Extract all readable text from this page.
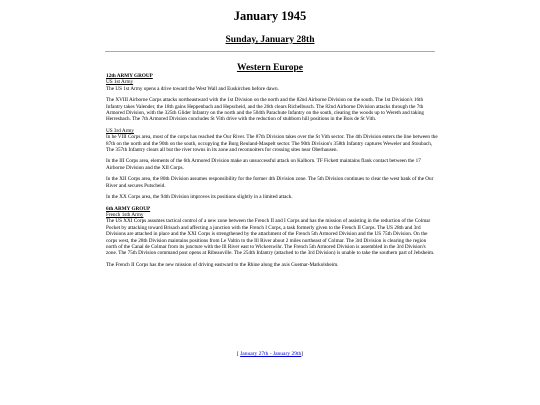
January 1945
Sunday, January 28th
Western Europe
12th ARMY GROUP
US 1st Army

The US 1st Army opens a drive toward the West Wall and Euskirchen before dawn.

The XVIII Airborne Corps attacks northeastward with the 1st Division on the north and the 82nd Airborne Division on the south. The 1st Division's 16th Infantry takes Valender, the 18th gains Heppenbach and Hepscheid, and the 26th clears Richelbusch. The 82nd Airborne Division attacks through the 7th Armored Division, with the 325th Glider Infantry on the north and the 504th Parachute Infantry on the south, clearing the woods up to Wereth and taking Herresbach. The 7th Armored Division concludes St Vith drive with the reduction of stubborn hill positions in the Bois de St Vith.

US 3rd Army

In he VIII Corps area, most of the corps has reached the Our River. The 87th Division takes over the St Vith sector. The 4th Division enters the line between the 87th on the north and the 90th on the south, occupying the Burg Reuland-Maspelt sector. The 90th Division's 358th Infantry captures Weweler and Stoubach, The 357th Infantry clears all but the river towns in its zone and reconnoiters for crossing sites near Oberhausen.

In the III Corps area, elements of the 6th Armored Division make an unsuccessful attack on Kalborn. TF Fickett maintains flank contact between the 17 Airborne Division and the XII Corps.

In the XII Corps area, the 80th Division assumes responsibility for the former 4th Division zone. The 5th Division continues to clear the west bank of the Our River and secures Putscheid.

In the XX Corps area, the 94th Division improves its positions slightly in a limited attack.

6th ARMY GROUP
French 1sth Army

The US XXI Corps assumes tactical control of a new zone between the French II and I Corps and has the mission of assisting in the reduction of the Colmar Pocket by attacking toward Brisach and affecting a junction with the French I Corps, a task formerly given to the French II Corps. The US 28th and 3rd Divisions are attached in place and the XXI Corps is strengthened by the attachment of the French 5th Armored Division and the US 75th Division. On the corps west, the 28th Division maintains positions from Le Valtin to the Ill River about 2 miles northeast of Colmar. The 3rd Division is clearing the region north of the Canal de Colmar from its juncture with the Ill River east to Wickerswihr. The French 5th Armored Division is assembled in the 3rd Division's zone. The 75th Division command post opens at Ribeauville. The 254th Infantry (attached to the 3rd Division) is unable to take the southern part of Jebsheim.

The French II Corps has the new mission of driving eastward to the Rhine along the axis Guemar-Markolsheim.

[ January 27th - January 29th]
